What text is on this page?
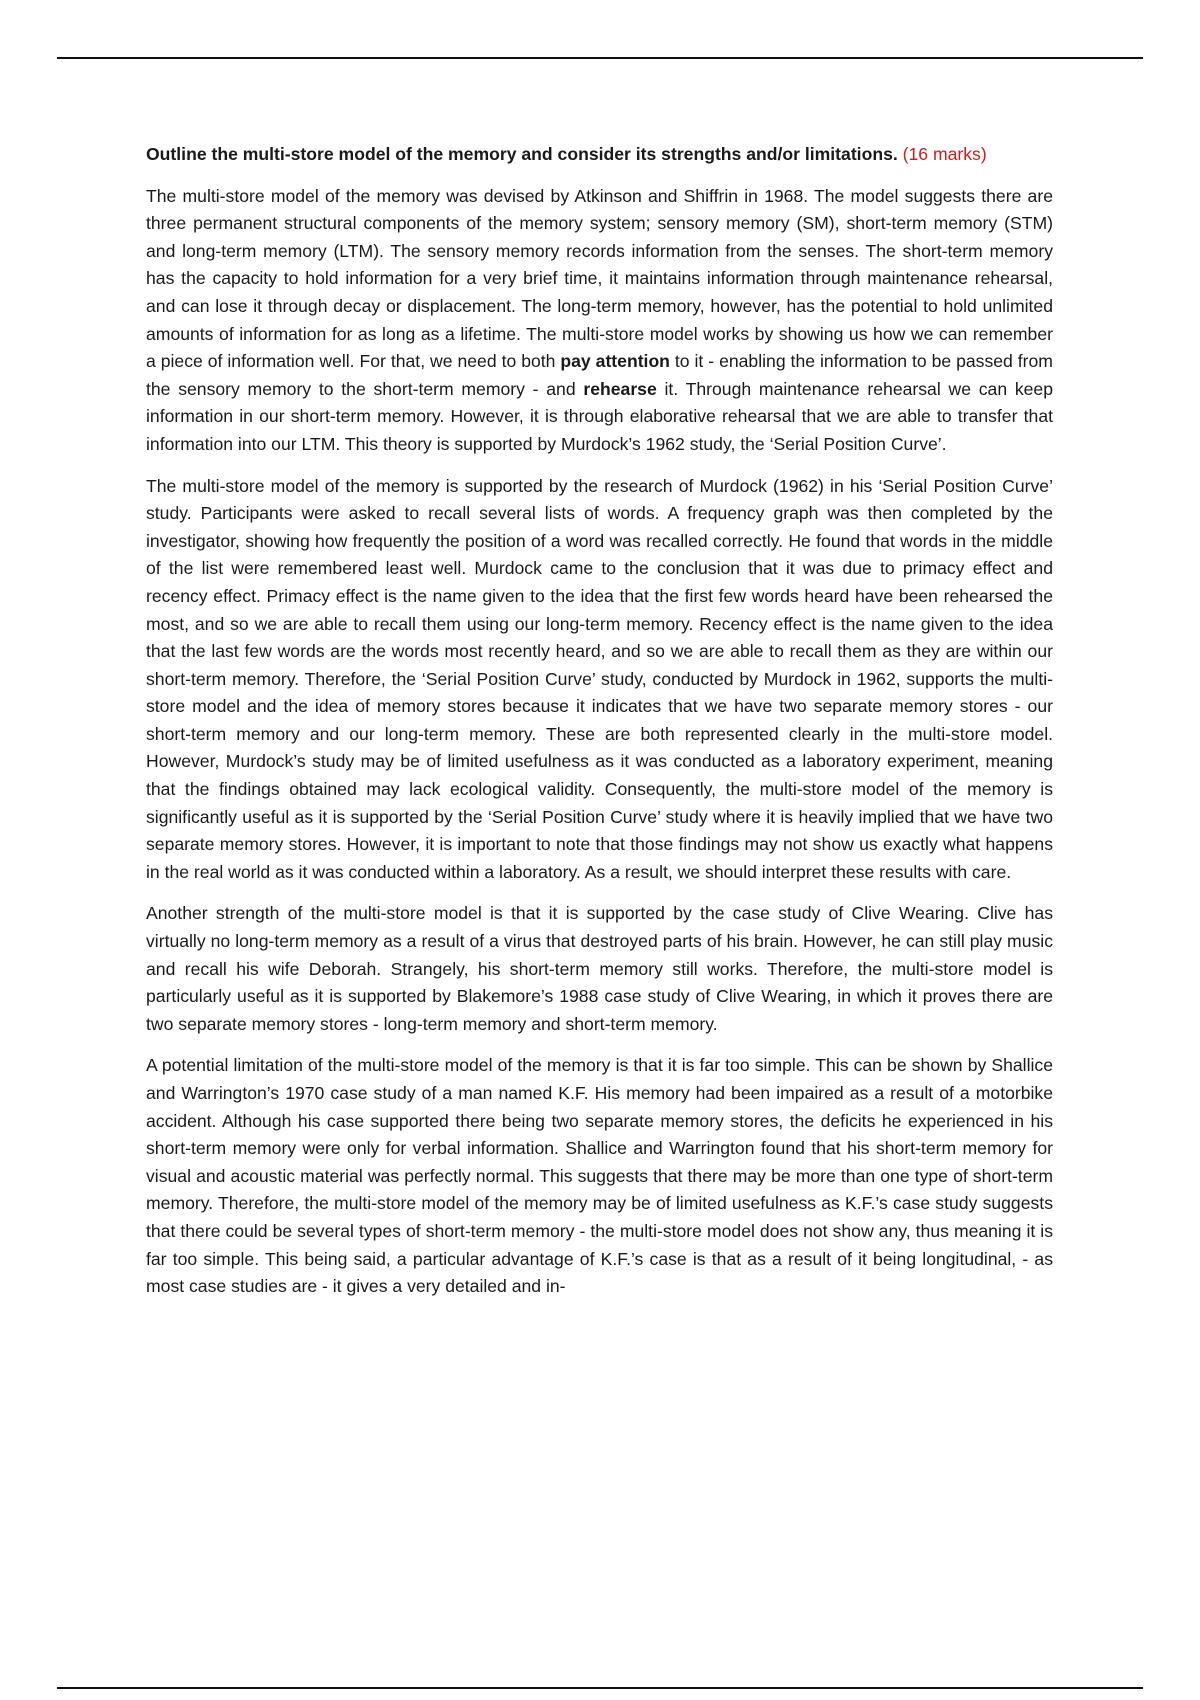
Outline the multi-store model of the memory and consider its strengths and/or limitations. (16 marks)

The multi-store model of the memory was devised by Atkinson and Shiffrin in 1968. The model suggests there are three permanent structural components of the memory system; sensory memory (SM), short-term memory (STM) and long-term memory (LTM). The sensory memory records information from the senses. The short-term memory has the capacity to hold information for a very brief time, it maintains information through maintenance rehearsal, and can lose it through decay or displacement. The long-term memory, however, has the potential to hold unlimited amounts of information for as long as a lifetime. The multi-store model works by showing us how we can remember a piece of information well. For that, we need to both pay attention to it - enabling the information to be passed from the sensory memory to the short-term memory - and rehearse it. Through maintenance rehearsal we can keep information in our short-term memory. However, it is through elaborative rehearsal that we are able to transfer that information into our LTM. This theory is supported by Murdock’s 1962 study, the ‘Serial Position Curve’.

The multi-store model of the memory is supported by the research of Murdock (1962) in his ‘Serial Position Curve’ study. Participants were asked to recall several lists of words. A frequency graph was then completed by the investigator, showing how frequently the position of a word was recalled correctly. He found that words in the middle of the list were remembered least well. Murdock came to the conclusion that it was due to primacy effect and recency effect. Primacy effect is the name given to the idea that the first few words heard have been rehearsed the most, and so we are able to recall them using our long-term memory. Recency effect is the name given to the idea that the last few words are the words most recently heard, and so we are able to recall them as they are within our short-term memory. Therefore, the ‘Serial Position Curve’ study, conducted by Murdock in 1962, supports the multi-store model and the idea of memory stores because it indicates that we have two separate memory stores - our short-term memory and our long-term memory. These are both represented clearly in the multi-store model. However, Murdock’s study may be of limited usefulness as it was conducted as a laboratory experiment, meaning that the findings obtained may lack ecological validity. Consequently, the multi-store model of the memory is significantly useful as it is supported by the ‘Serial Position Curve’ study where it is heavily implied that we have two separate memory stores. However, it is important to note that those findings may not show us exactly what happens in the real world as it was conducted within a laboratory. As a result, we should interpret these results with care.

Another strength of the multi-store model is that it is supported by the case study of Clive Wearing. Clive has virtually no long-term memory as a result of a virus that destroyed parts of his brain. However, he can still play music and recall his wife Deborah. Strangely, his short-term memory still works. Therefore, the multi-store model is particularly useful as it is supported by Blakemore’s 1988 case study of Clive Wearing, in which it proves there are two separate memory stores - long-term memory and short-term memory.

A potential limitation of the multi-store model of the memory is that it is far too simple. This can be shown by Shallice and Warrington’s 1970 case study of a man named K.F. His memory had been impaired as a result of a motorbike accident. Although his case supported there being two separate memory stores, the deficits he experienced in his short-term memory were only for verbal information. Shallice and Warrington found that his short-term memory for visual and acoustic material was perfectly normal. This suggests that there may be more than one type of short-term memory. Therefore, the multi-store model of the memory may be of limited usefulness as K.F.’s case study suggests that there could be several types of short-term memory - the multi-store model does not show any, thus meaning it is far too simple. This being said, a particular advantage of K.F.’s case is that as a result of it being longitudinal, - as most case studies are - it gives a very detailed and in-
